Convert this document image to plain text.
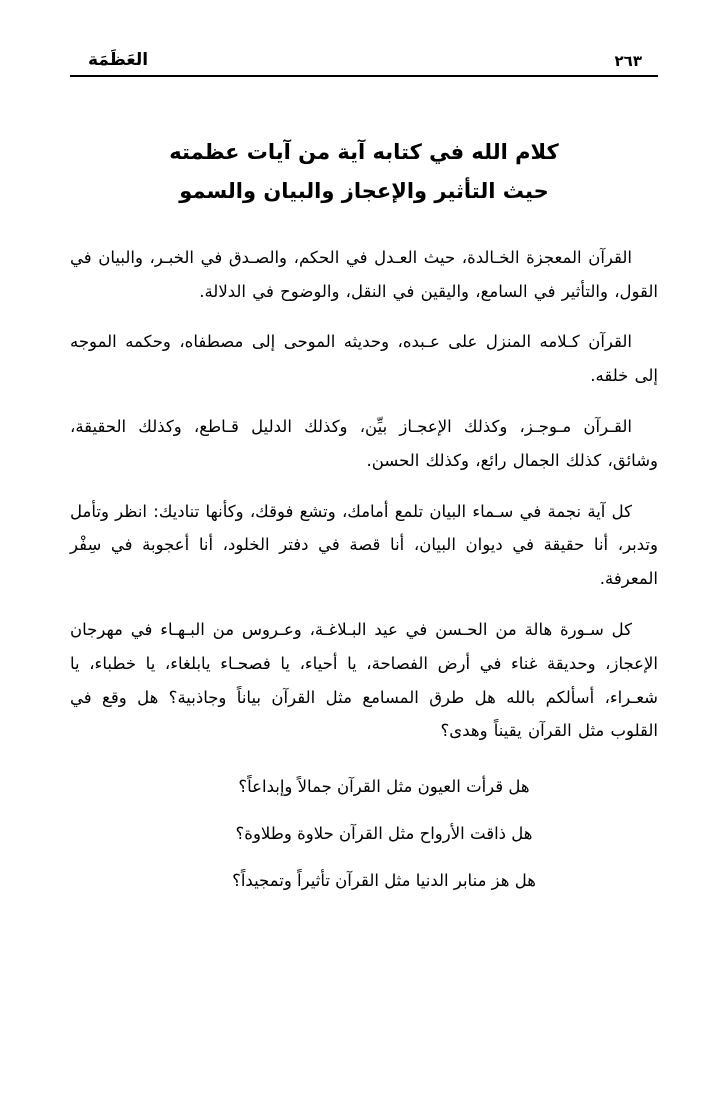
العَظَمَة	٢٦٣
كلام الله في كتابه آية من آيات عظمته
حيث التأثير والإعجاز والبيان والسمو

القرآن المعجزة الخـالدة، حيث العـدل في الحكم، والصـدق في الخبـر، والبيان في القول، والتأثير في السامع، واليقين في النقل، والوضوح في الدلالة.

القرآن كـلامه المنزل على عـبده، وحديثه الموحى إلى مصطفاه، وحكمه الموجه إلى خلقه.

القـرآن مـوجـز، وكذلك الإعجـاز بيِّن، وكذلك الدليل قـاطع، وكذلك الحقيقة، وشائق، كذلك الجمال رائع، وكذلك الحسن.

كل آية نجمة في سـماء البيان تلمع أمامك، وتشع فوقك، وكأنها تناديك: انظر وتأمل وتدبر، أنا حقيقة في ديوان البيان، أنا قصة في دفتر الخلود، أنا أعجوبة في سِفْر المعرفة.

كل سـورة هالة من الحـسن في عيد البـلاغـة، وعـروس من البـهـاء في مهرجان الإعجاز، وحديقة غناء في أرض الفصاحة، يا أحياء، يا فصحـاء يابلغاء، يا خطباء، يا شعـراء، أسألكم بالله هل طرق المسامع مثل القرآن بياناً وجاذبية؟ هل وقع في القلوب مثل القرآن يقيناً وهدى؟

هل قرأت العيون مثل القرآن جمالاً وإبداعاً؟

هل ذاقت الأرواح مثل القرآن حلاوة وطلاوة؟

هل هز منابر الدنيا مثل القرآن تأثيراً وتمجيداً؟
